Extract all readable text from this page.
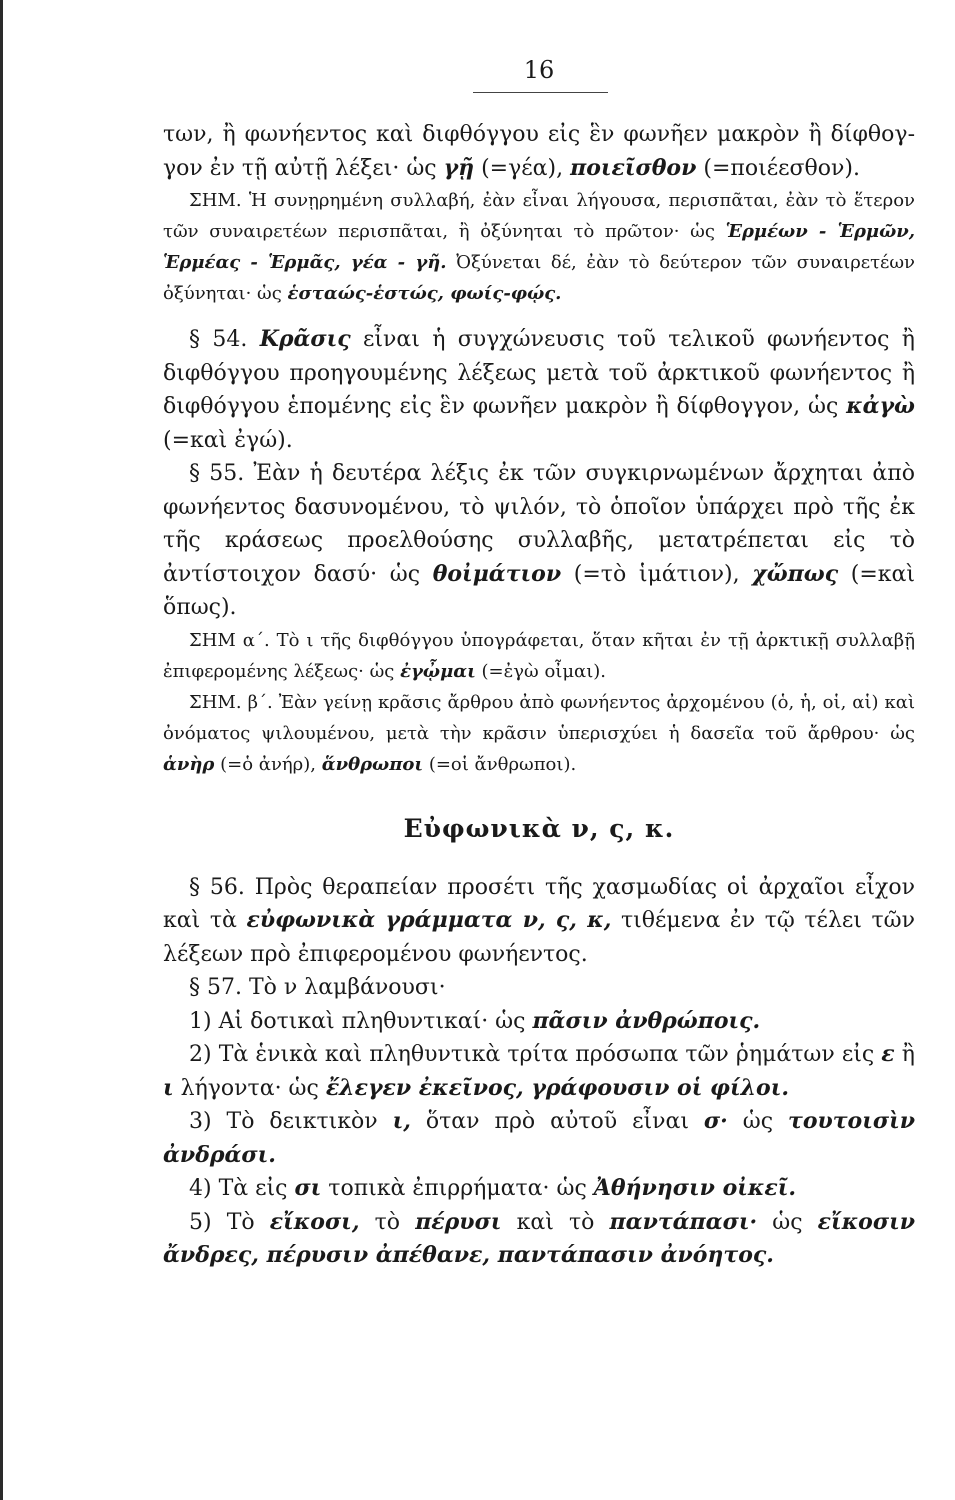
16

των, ἢ φωνήεντος καὶ διφθόγγου εἰς ἓν φωνῆεν μακρὸν ἢ δίφθογ-γον ἐν τῇ αὐτῇ λέξει· ὡς γῇ (=γέα), ποιεῖσθον (=ποιέεσθον).

ΣΗΜ. Ἡ συνῃρημένη συλλαβή, ἐὰν εἶναι λήγουσα, περισπᾶται, ἐὰν τὸ ἕτερον τῶν συναιρετέων περισπᾶται, ἢ ὀξύνηται τὸ πρῶτον· ὡς Ἑρμέων - Ἑρμῶν, Ἑρμέας - Ἑρμᾶς, γέα - γῆ. Ὀξύνεται δέ, ἐὰν τὸ δεύτερον τῶν συναιρετέων ὀξύνηται· ὡς ἑσταώς-ἑστώς, φωίς-φῴς.

§ 54. Κρᾶσις εἶναι ἡ συγχώνευσις τοῦ τελικοῦ φωνήεντος ἢ διφθόγγου προηγουμένης λέξεως μετὰ τοῦ ἀρκτικοῦ φωνήεντος ἢ διφθόγγου ἑπομένης εἰς ἓν φωνῆεν μακρὸν ἢ δίφθογγον, ὡς κἀγὼ (=καὶ ἐγώ).

§ 55. Ἐὰν ἡ δευτέρα λέξις ἐκ τῶν συγκιρνωμένων ἄρχηται ἀπὸ φωνήεντος δασυνομένου, τὸ ψιλόν, τὸ ὁποῖον ὑπάρχει πρὸ τῆς ἐκ τῆς κράσεως προελθούσης συλλαβῆς, μετατρέπεται εἰς τὸ ἀντίστοιχον δασύ· ὡς θοἰμάτιον (=τὸ ἱμάτιον), χὤπως (=καὶ ὅπως).

ΣΗΜ α΄. Τὸ ι τῆς διφθόγγου ὑπογράφεται, ὅταν κῆται ἐν τῇ ἀρκτικῇ συλλαβῇ ἐπιφερομένης λέξεως· ὡς ἐγᾦμαι (=ἐγὼ οἶμαι).

ΣΗΜ. β΄. Ἐὰν γείνῃ κρᾶσις ἄρθρου ἀπὸ φωνήεντος ἀρχομένου (ὁ, ἡ, οἱ, αἱ) καὶ ὀνόματος ψιλουμένου, μετὰ τὴν κρᾶσιν ὑπερισχύει ἡ δασεῖα τοῦ ἄρθρου· ὡς ἁνὴρ (=ὁ ἀνήρ), ἅνθρωποι (=οἱ ἄνθρωποι).

Εὐφωνικὰ ν, ς, κ.

§ 56. Πρὸς θεραπείαν προσέτι τῆς χασμωδίας οἱ ἀρχαῖοι εἶχον καὶ τὰ εὐφωνικὰ γράμματα ν, ς, κ, τιθέμενα ἐν τῷ τέλει τῶν λέξεων πρὸ ἐπιφερομένου φωνήεντος.

§ 57. Τὸ ν λαμβάνουσι·

1) Αἱ δοτικαὶ πληθυντικαί· ὡς πᾶσιν ἀνθρώποις.

2) Τὰ ἑνικὰ καὶ πληθυντικὰ τρίτα πρόσωπα τῶν ῥημάτων εἰς ε ἢ ι λήγοντα· ὡς ἔλεγεν ἐκεῖνος, γράφουσιν οἱ φίλοι.

3) Τὸ δεικτικὸν ι, ὅταν πρὸ αὐτοῦ εἶναι σ· ὡς τουτοισὶν ἀνδράσι.

4) Τὰ εἰς σι τοπικὰ ἐπιρρήματα· ὡς Ἀθήνησιν οἰκεῖ.

5) Τὸ εἴκοσι, τὸ πέρυσι καὶ τὸ παντάπασι· ὡς εἴκοσιν ἄνδρες, πέρυσιν ἀπέθανε, παντάπασιν ἀνόητος.
